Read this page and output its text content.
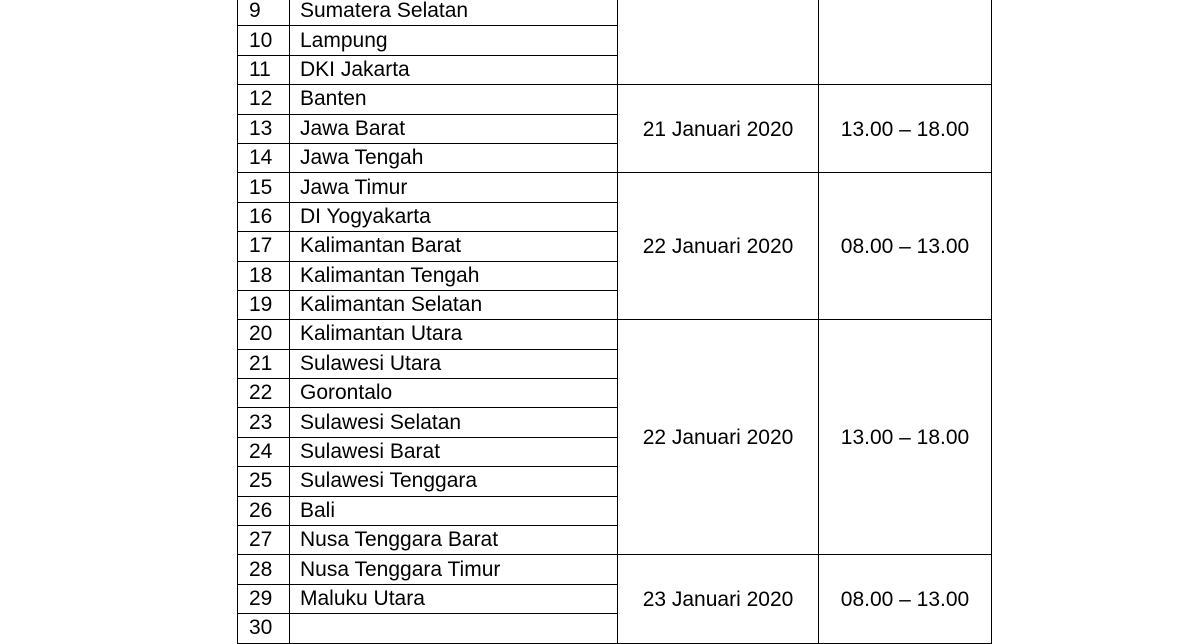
9	Sumatera Selatan		
10	Lampung		
11	DKI Jakarta		
12	Banten	21 Januari 2020	13.00 – 18.00
13	Jawa Barat		
14	Jawa Tengah		
15	Jawa Timur	22 Januari 2020	08.00 – 13.00
16	DI Yogyakarta		
17	Kalimantan Barat		
18	Kalimantan Tengah		
19	Kalimantan Selatan		
20	Kalimantan Utara	22 Januari 2020	13.00 – 18.00
21	Sulawesi Utara		
22	Gorontalo		
23	Sulawesi Selatan		
24	Sulawesi Barat		
25	Sulawesi Tenggara		
26	Bali		
27	Nusa Tenggara Barat		
28	Nusa Tenggara Timur	23 Januari 2020	08.00 – 13.00
29	Maluku Utara		
30			
